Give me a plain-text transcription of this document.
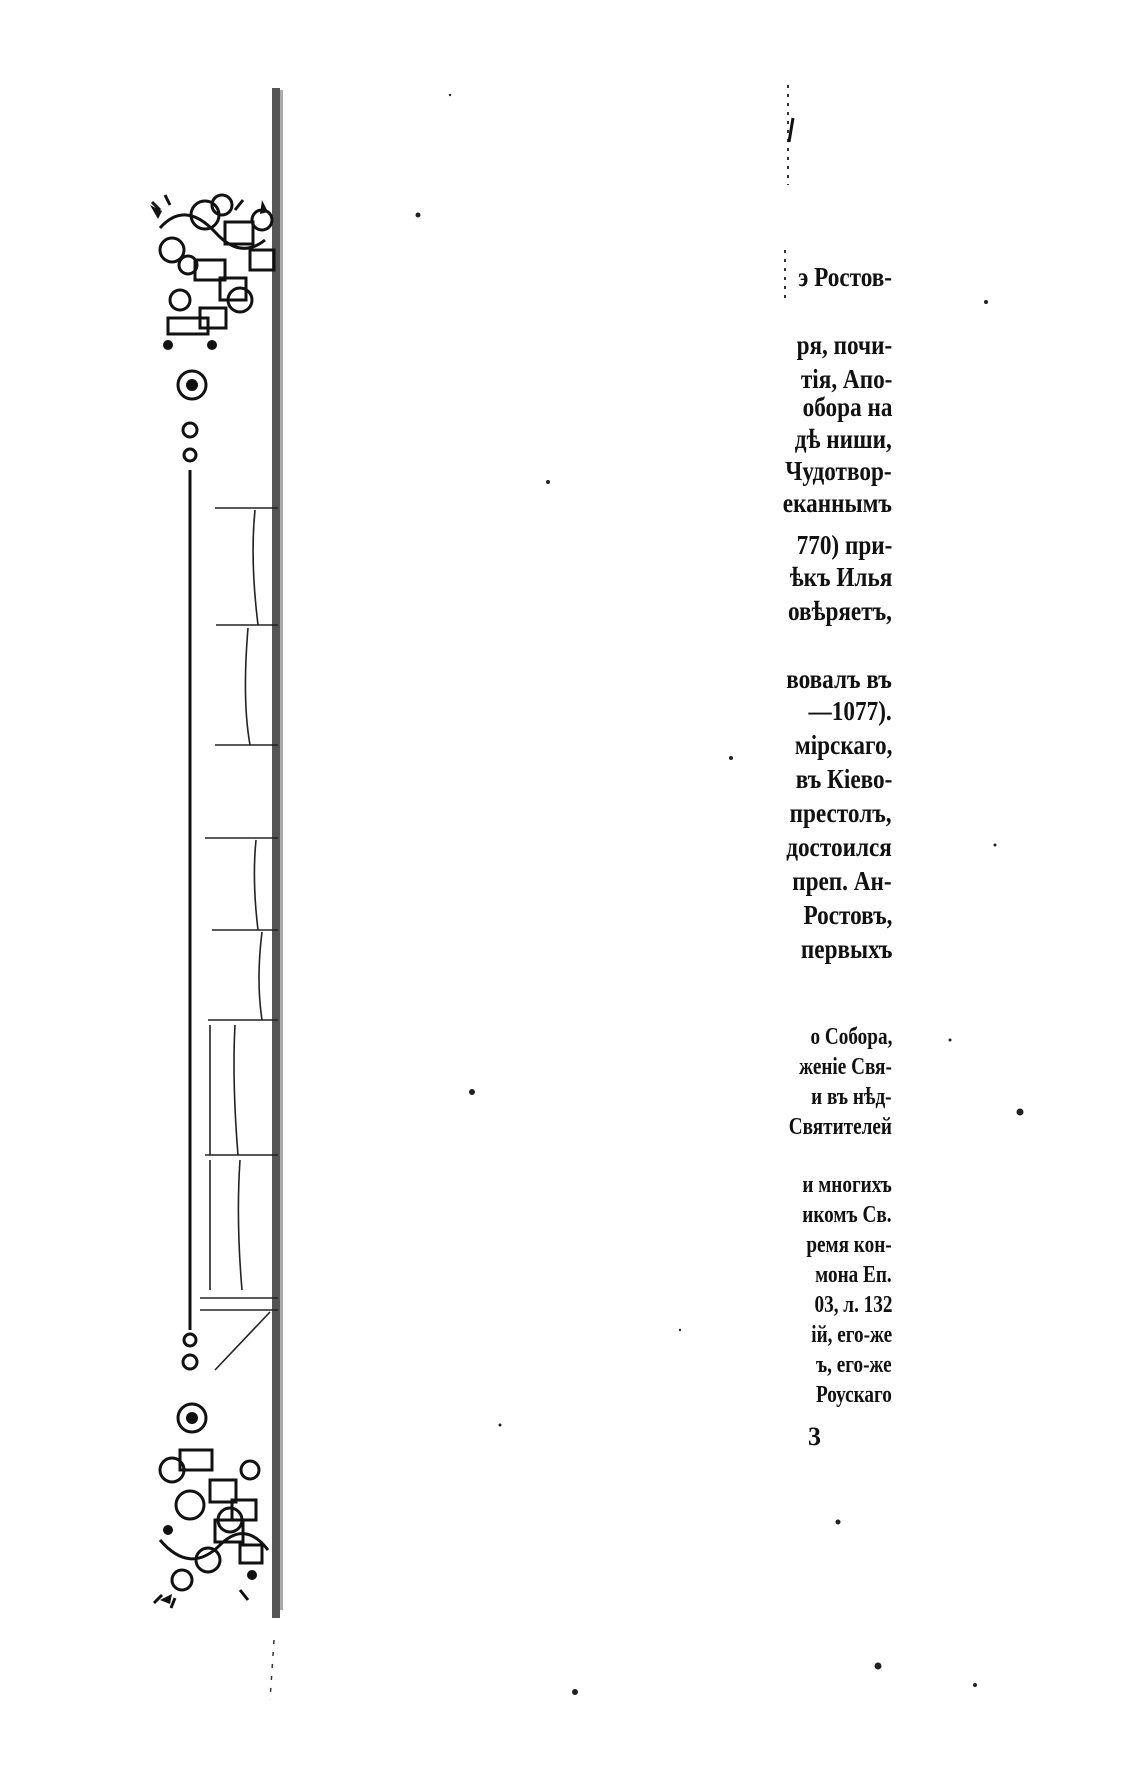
э Ростов-

ря, почи-

тія, Апо-

обора на

дѣ ниши,

Чудотвор-

еканнымъ

770) при-

ѣкъ Илья

овѣряетъ,

вовалъ въ

—1077).

мірскаго,

въ Кіево-

престолъ,

достоился

преп. Ан-

Ростовъ,

первыхъ

о Собора,

женіе Свя-

и въ нѣд-

Святителей

и многихъ

икомъ Св.

ремя кон-

мона Еп.

03, л. 132

ій, его-же

ъ, его-же

Роускаго

3
